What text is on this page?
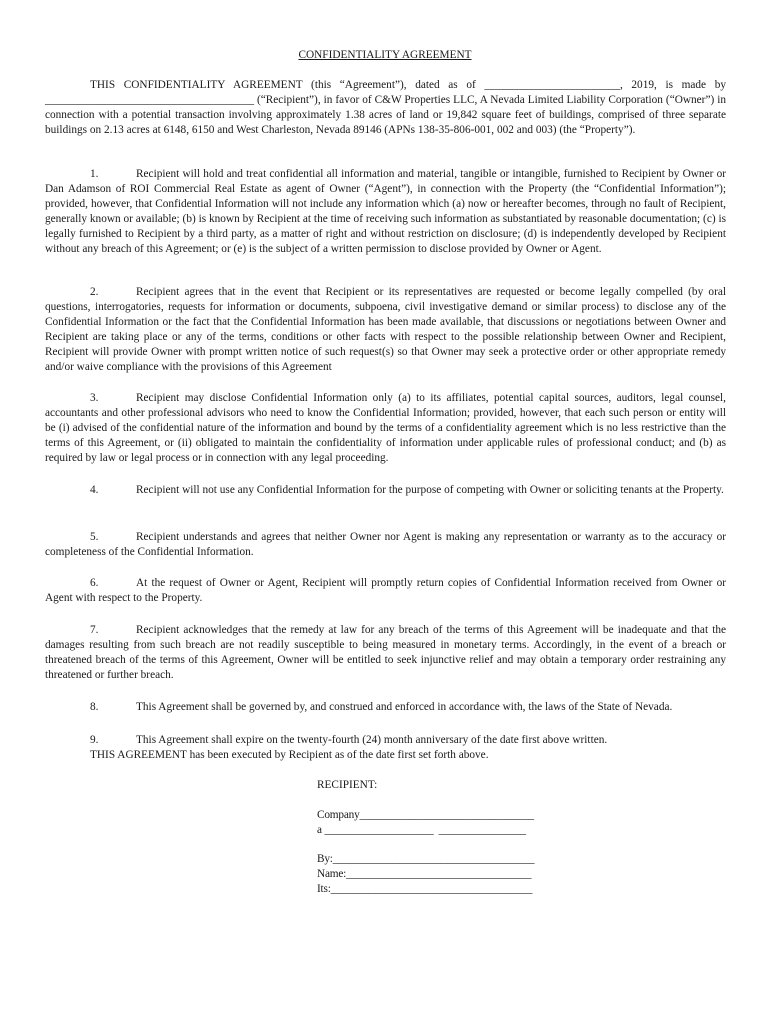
CONFIDENTIALITY AGREEMENT

THIS CONFIDENTIALITY AGREEMENT (this “Agreement”), dated as of ________________________, 2019, is made by _____________________________________ (“Recipient”), in favor of C&W Properties LLC, A Nevada Limited Liability Corporation (“Owner”) in connection with a potential transaction involving approximately 1.38 acres of land or 19,842 square feet of buildings, comprised of three separate buildings on 2.13 acres at 6148, 6150 and West Charleston, Nevada 89146 (APNs 138-35-806-001, 002 and 003) (the “Property”).

1.	Recipient will hold and treat confidential all information and material, tangible or intangible, furnished to Recipient by Owner or Dan Adamson of ROI Commercial Real Estate as agent of Owner (“Agent”), in connection with the Property (the “Confidential Information”); provided, however, that Confidential Information will not include any information which (a) now or hereafter becomes, through no fault of Recipient, generally known or available; (b) is known by Recipient at the time of receiving such information as substantiated by reasonable documentation; (c) is legally furnished to Recipient by a third party, as a matter of right and without restriction on disclosure; (d) is independently developed by Recipient without any breach of this Agreement; or (e) is the subject of a written permission to disclose provided by Owner or Agent.

2.	Recipient agrees that in the event that Recipient or its representatives are requested or become legally compelled (by oral questions, interrogatories, requests for information or documents, subpoena, civil investigative demand or similar process) to disclose any of the Confidential Information or the fact that the Confidential Information has been made available, that discussions or negotiations between Owner and Recipient are taking place or any of the terms, conditions or other facts with respect to the possible relationship between Owner and Recipient, Recipient will provide Owner with prompt written notice of such request(s) so that Owner may seek a protective order or other appropriate remedy and/or waive compliance with the provisions of this Agreement

3.	Recipient may disclose Confidential Information only (a) to its affiliates, potential capital sources, auditors, legal counsel, accountants and other professional advisors who need to know the Confidential Information; provided, however, that each such person or entity will be (i) advised of the confidential nature of the information and bound by the terms of a confidentiality agreement which is no less restrictive than the terms of this Agreement, or (ii) obligated to maintain the confidentiality of information under applicable rules of professional conduct; and (b) as required by law or legal process or in connection with any legal proceeding.

4.	Recipient will not use any Confidential Information for the purpose of competing with Owner or soliciting tenants at the Property.

5.	Recipient understands and agrees that neither Owner nor Agent is making any representation or warranty as to the accuracy or completeness of the Confidential Information.

6.	At the request of Owner or Agent, Recipient will promptly return copies of Confidential Information received from Owner or Agent with respect to the Property.

7.	Recipient acknowledges that the remedy at law for any breach of the terms of this Agreement will be inadequate and that the damages resulting from such breach are not readily susceptible to being measured in monetary terms. Accordingly, in the event of a breach or threatened breach of the terms of this Agreement, Owner will be entitled to seek injunctive relief and may obtain a temporary order restraining any threatened or further breach.

8.	This Agreement shall be governed by, and construed and enforced in accordance with, the laws of the State of Nevada.

9.	This Agreement shall expire on the twenty-fourth (24) month anniversary of the date first above written.

THIS AGREEMENT has been executed by Recipient as of the date first set forth above.

RECIPIENT:
Company________________________________
a ____________________  ________________
By:_____________________________________
Name:__________________________________
Its:_____________________________________
